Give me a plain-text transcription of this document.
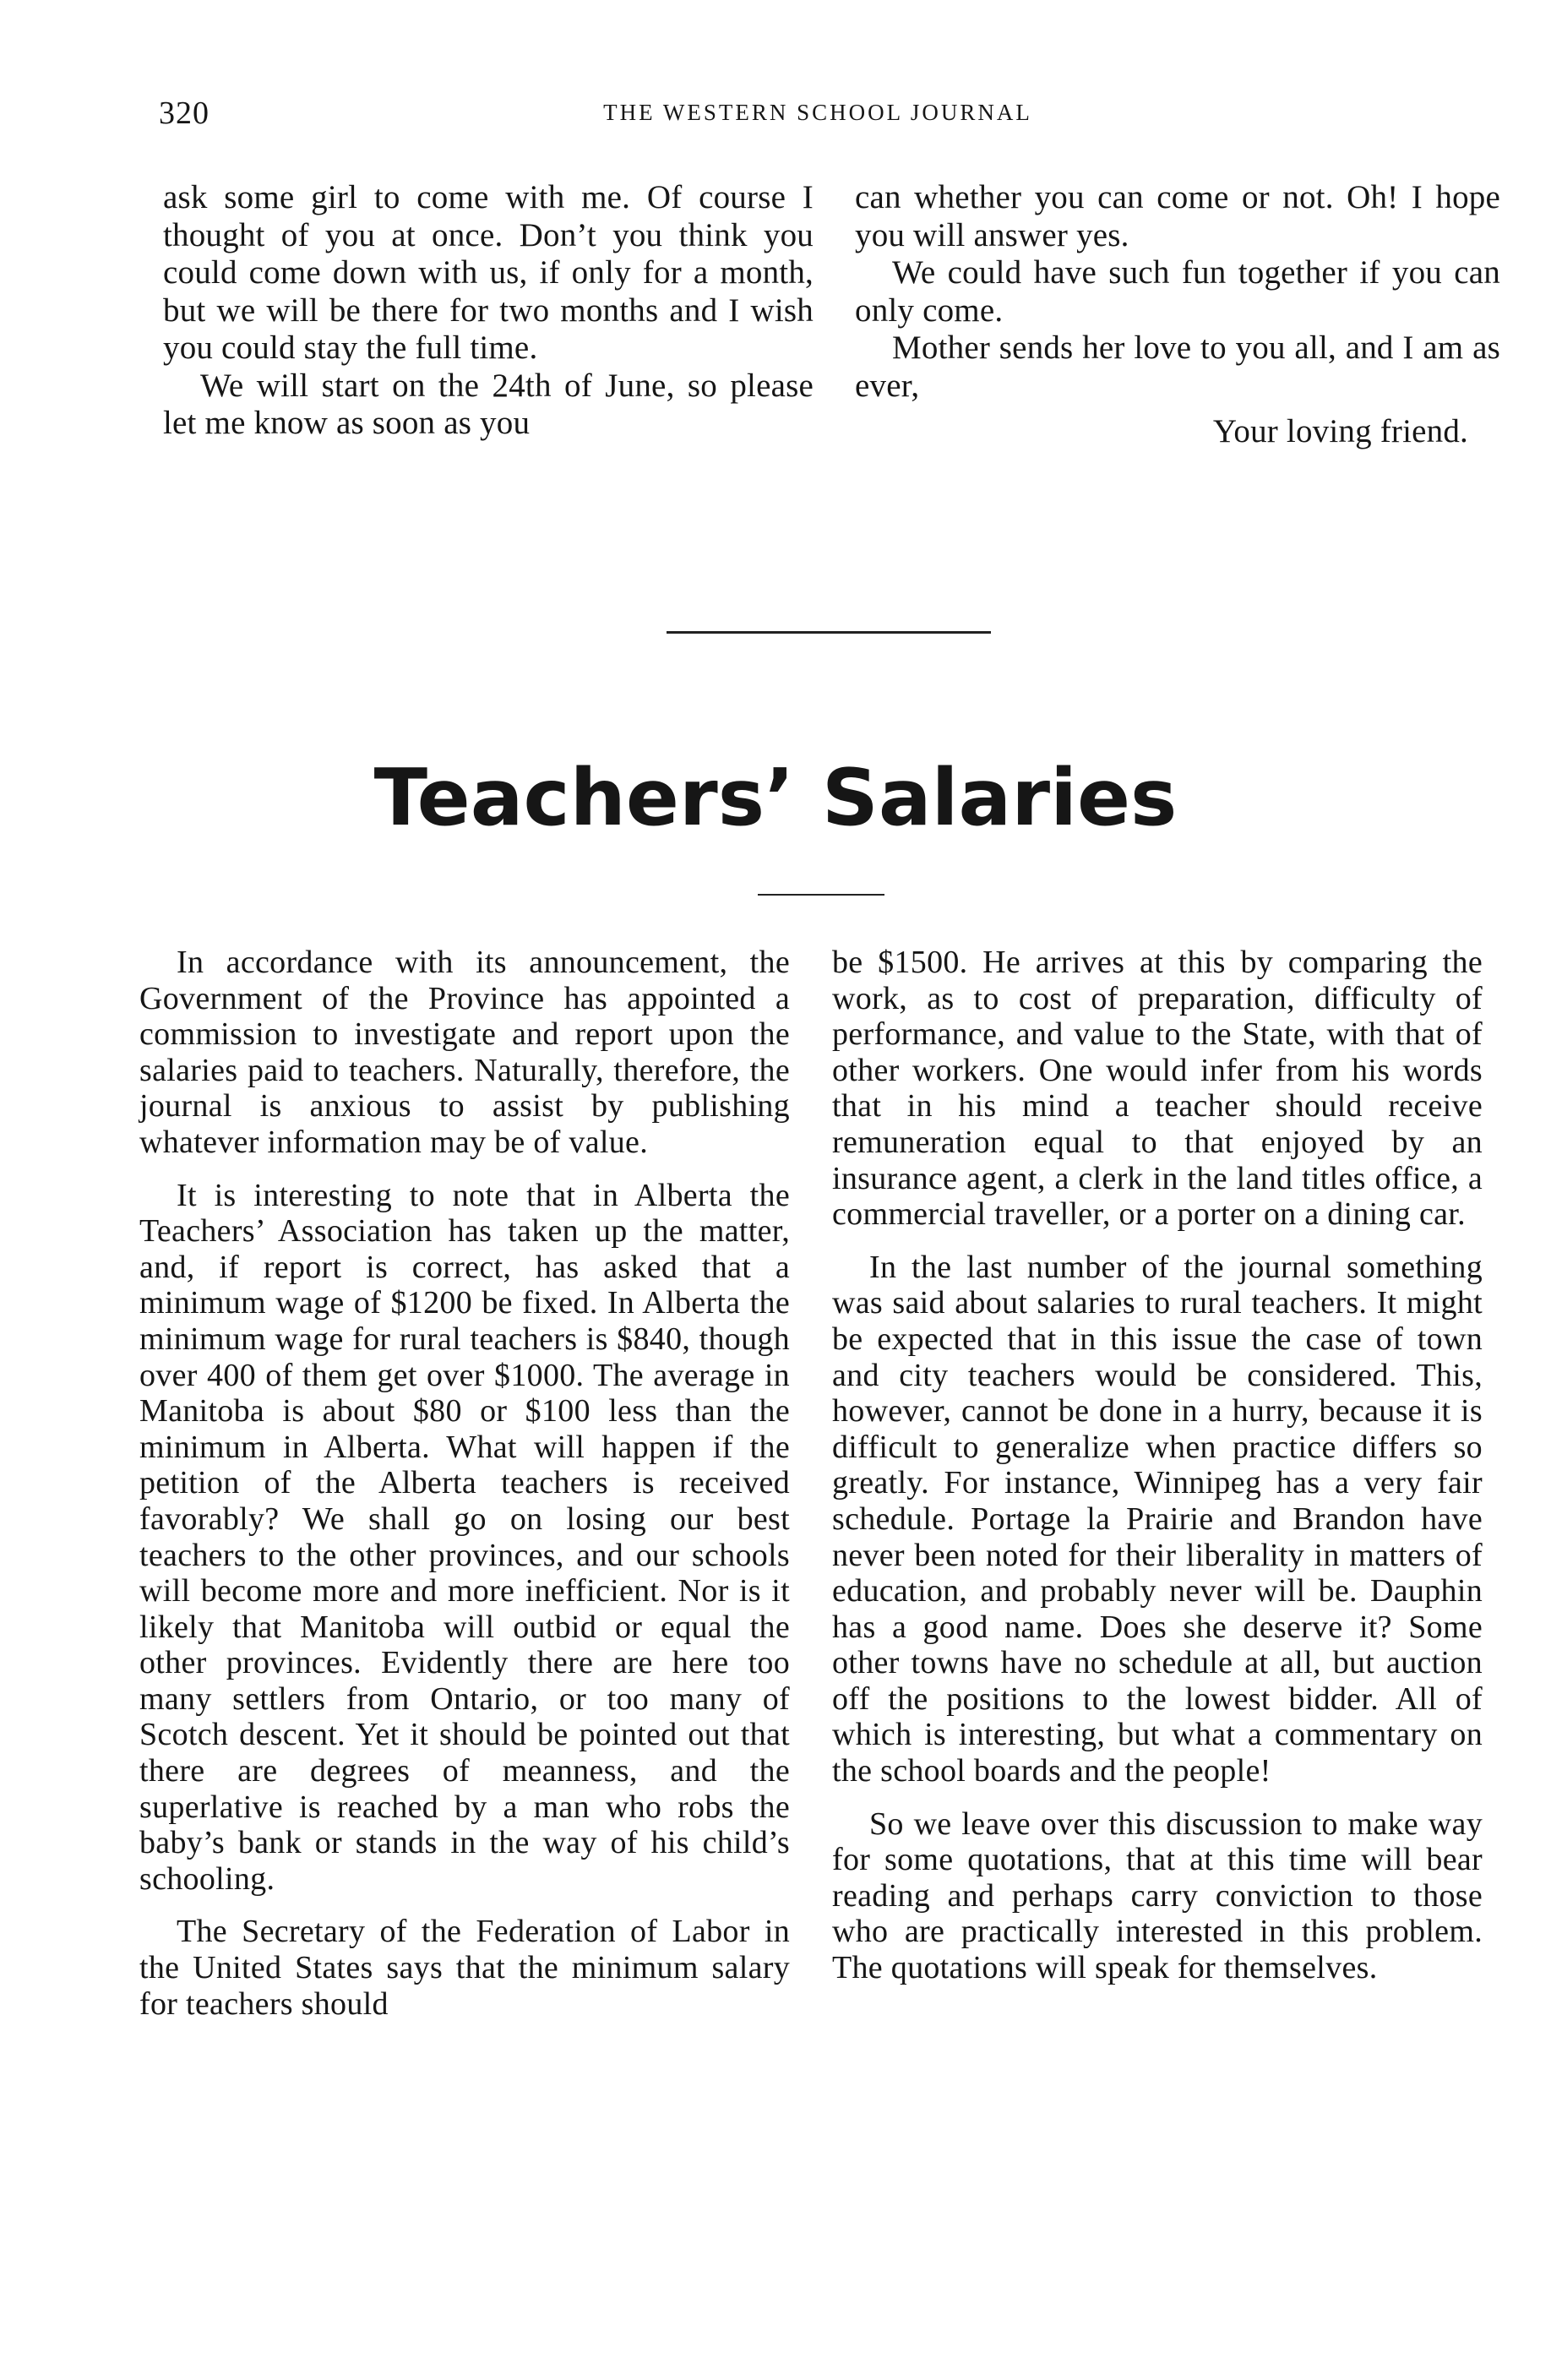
320	THE WESTERN SCHOOL JOURNAL

ask some girl to come with me. Of course I thought of you at once. Don’t you think you could come down with us, if only for a month, but we will be there for two months and I wish you could stay the full time.

We will start on the 24th of June, so please let me know as soon as you

can whether you can come or not. Oh! I hope you will answer yes.

We could have such fun together if you can only come.

Mother sends her love to you all, and I am as ever,

Your loving friend.

Teachers’ Salaries

In accordance with its announcement, the Government of the Province has appointed a commission to investigate and report upon the salaries paid to teachers. Naturally, therefore, the journal is anxious to assist by publishing whatever information may be of value.

It is interesting to note that in Alberta the Teachers’ Association has taken up the matter, and, if report is correct, has asked that a minimum wage of $1200 be fixed. In Alberta the minimum wage for rural teachers is $840, though over 400 of them get over $1000. The average in Manitoba is about $80 or $100 less than the minimum in Alberta. What will happen if the petition of the Alberta teachers is received favorably? We shall go on losing our best teachers to the other provinces, and our schools will become more and more inefficient. Nor is it likely that Manitoba will outbid or equal the other provinces. Evidently there are here too many settlers from Ontario, or too many of Scotch descent. Yet it should be pointed out that there are degrees of meanness, and the superlative is reached by a man who robs the baby’s bank or stands in the way of his child’s schooling.

The Secretary of the Federation of Labor in the United States says that the minimum salary for teachers should

be $1500. He arrives at this by comparing the work, as to cost of preparation, difficulty of performance, and value to the State, with that of other workers. One would infer from his words that in his mind a teacher should receive remuneration equal to that enjoyed by an insurance agent, a clerk in the land titles office, a commercial traveller, or a porter on a dining car.

In the last number of the journal something was said about salaries to rural teachers. It might be expected that in this issue the case of town and city teachers would be considered. This, however, cannot be done in a hurry, because it is difficult to generalize when practice differs so greatly. For instance, Winnipeg has a very fair schedule. Portage la Prairie and Brandon have never been noted for their liberality in matters of education, and probably never will be. Dauphin has a good name. Does she deserve it? Some other towns have no schedule at all, but auction off the positions to the lowest bidder. All of which is interesting, but what a commentary on the school boards and the people!

So we leave over this discussion to make way for some quotations, that at this time will bear reading and perhaps carry conviction to those who are practically interested in this problem. The quotations will speak for themselves.
